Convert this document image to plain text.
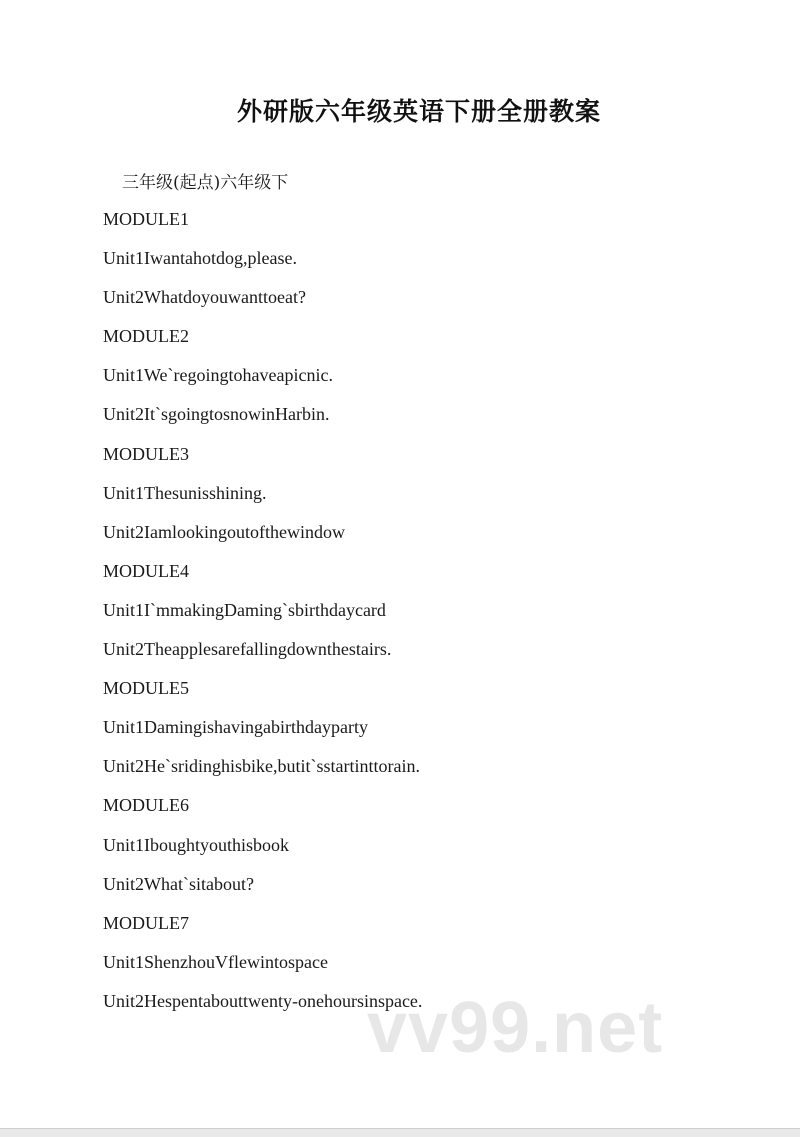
外研版六年级英语下册全册教案
三年级(起点)六年级下
MODULE1
Unit1Iwantahotdog,please.
Unit2Whatdoyouwanttoeat?
MODULE2
Unit1We`regoingtohaveapicnic.
Unit2It`sgoingtosnowinHarbin.
MODULE3
Unit1Thesunisshining.
Unit2Iamlookingoutofthewindow
MODULE4
Unit1I`mmakingDaming`sbirthdaycard
Unit2Theapplesarefallingdownthestairs.
MODULE5
Unit1Damingishavingabirthdayparty
Unit2He`sridinghisbike,butit`sstartinttorain.
MODULE6
Unit1Iboughtyouthisbook
Unit2What`sitabout?
MODULE7
Unit1ShenzhouVflewintospace
Unit2Hespentabouttwenty-onehoursinspace.
vv99.net
